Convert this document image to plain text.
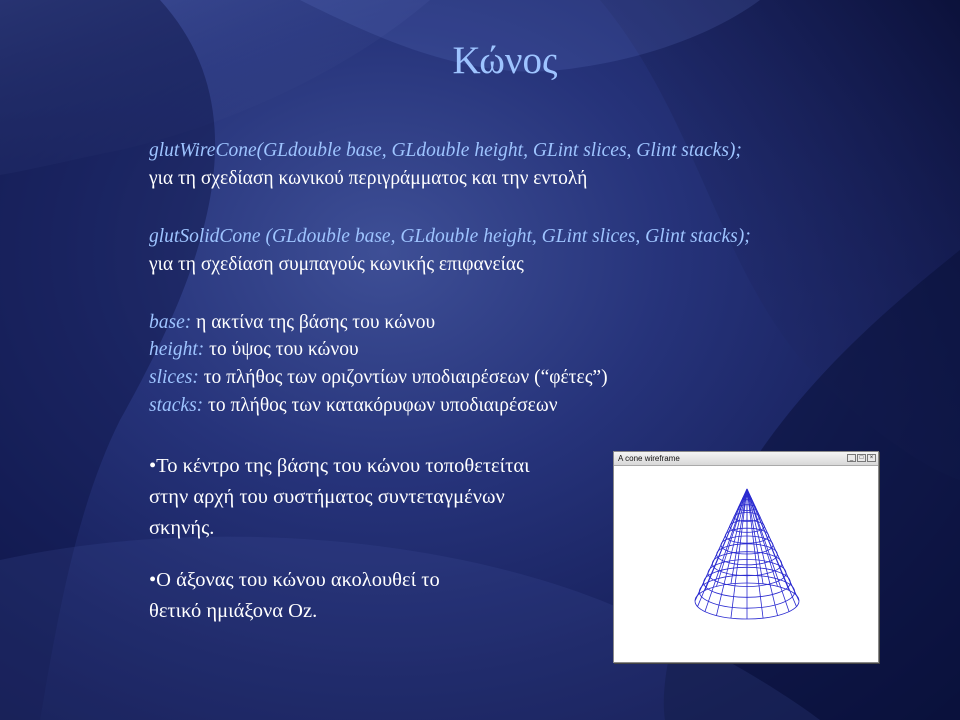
Κώνος
glutWireCone(GLdouble base, GLdouble height, GLint slices, Glint stacks);
για τη σχεδίαση κωνικού περιγράμματος και την εντολή
glutSolidCone (GLdouble base, GLdouble height, GLint slices, Glint stacks);
για τη σχεδίαση συμπαγούς κωνικής επιφανείας
base: η ακτίνα της βάσης του κώνου
height: το ύψος του κώνου
slices: το πλήθος των οριζοντίων υποδιαιρέσεων (“φέτες”)
stacks: το πλήθος των κατακόρυφων υποδιαιρέσεων
•Το κέντρο της βάσης του κώνου τοποθετείται
στην αρχή του συστήματος συντεταγμένων
σκηνής.
•Ο άξονας του κώνου ακολουθεί το
θετικό ημιάξονα Oz.
A cone wireframe	_	□	×
